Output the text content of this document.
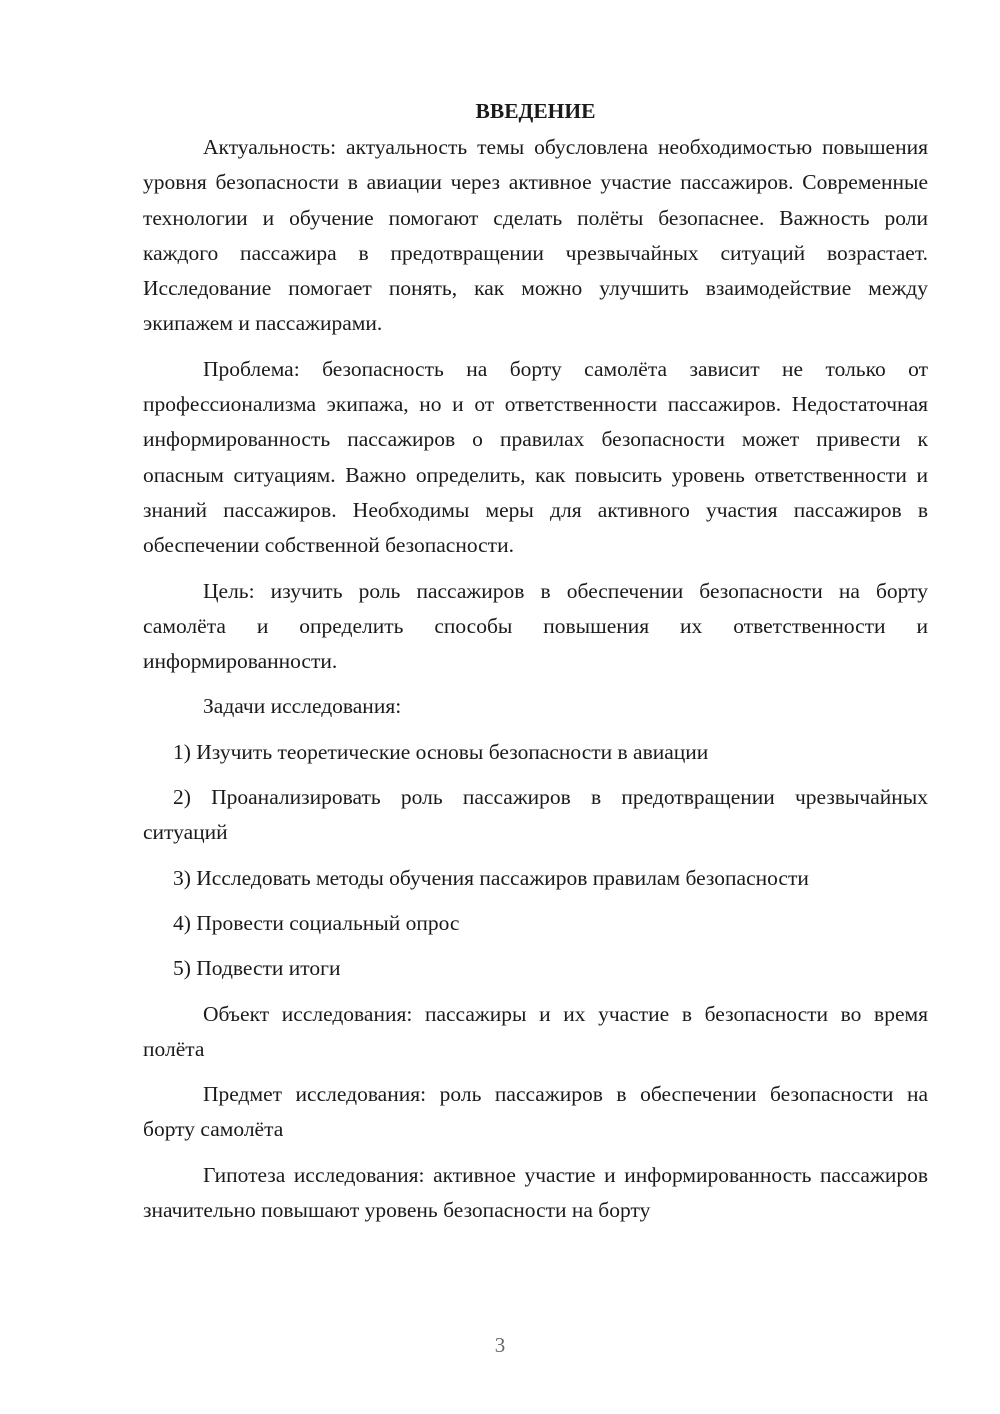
ВВЕДЕНИЕ

Актуальность: актуальность темы обусловлена необходимостью повышения уровня безопасности в авиации через активное участие пассажиров. Современные технологии и обучение помогают сделать полёты безопаснее. Важность роли каждого пассажира в предотвращении чрезвычайных ситуаций возрастает. Исследование помогает понять, как можно улучшить взаимодействие между экипажем и пассажирами.

Проблема: безопасность на борту самолёта зависит не только от профессионализма экипажа, но и от ответственности пассажиров. Недостаточная информированность пассажиров о правилах безопасности может привести к опасным ситуациям. Важно определить, как повысить уровень ответственности и знаний пассажиров. Необходимы меры для активного участия пассажиров в обеспечении собственной безопасности.

Цель: изучить роль пассажиров в обеспечении безопасности на борту самолёта и определить способы повышения их ответственности и информированности.

Задачи исследования:

1) Изучить теоретические основы безопасности в авиации

2) Проанализировать роль пассажиров в предотвращении чрезвычайных ситуаций

3) Исследовать методы обучения пассажиров правилам безопасности

4) Провести социальный опрос

5) Подвести итоги

Объект исследования: пассажиры и их участие в безопасности во время полёта

Предмет исследования: роль пассажиров в обеспечении безопасности на борту самолёта

Гипотеза исследования: активное участие и информированность пассажиров значительно повышают уровень безопасности на борту

3
